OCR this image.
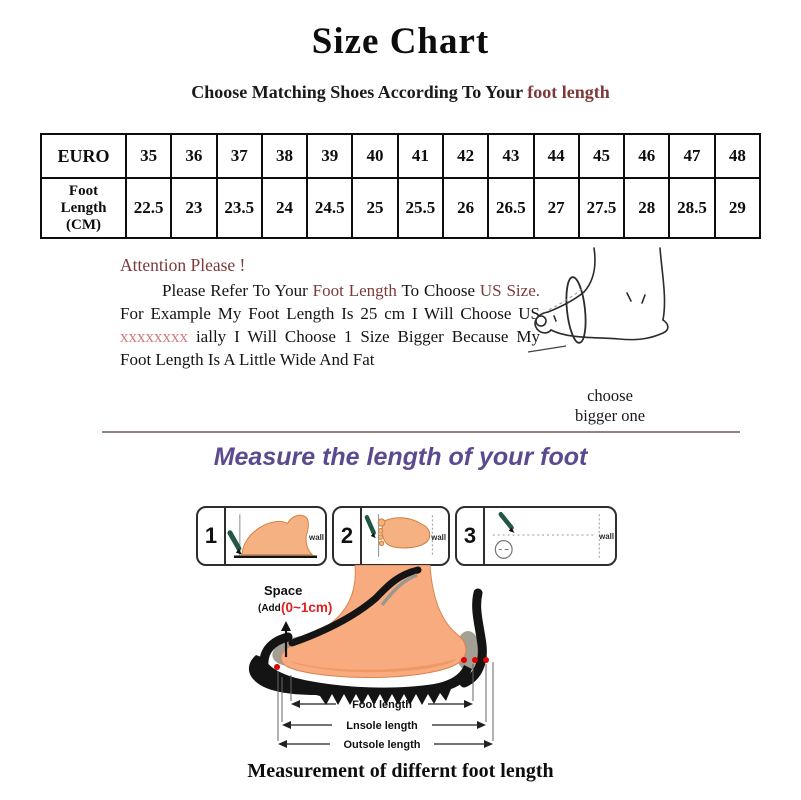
Size Chart
Choose Matching Shoes According To Your foot length
EURO	35	36	37	38	39	40	41	42	43	44	45	46	47	48
Foot Length (CM)	22.5	23	23.5	24	24.5	25	25.5	26	26.5	27	27.5	28	28.5	29
Attention Please !

Please Refer To Your Foot Length To Choose US Size. For Example My Foot Length Is 25 cm I Will Choose US xxxxxxxx ially I Will Choose 1 Size Bigger Because My Foot Length Is A Little Wide And Fat

choose
bigger one
Measure the length of your foot
1	wall 2	wall 3	wall
Foot length
Lnsole length
Outsole length
Space
(Add (0~1cm)
Measurement of differnt foot length
